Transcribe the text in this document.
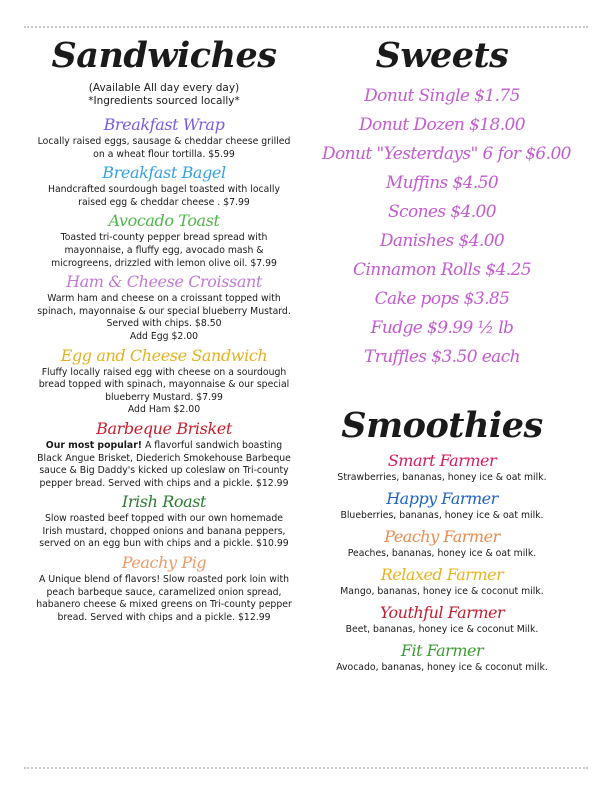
Sandwiches

(Available All day every day)

*Ingredients sourced locally*

Breakfast Wrap

Locally raised eggs, sausage & cheddar cheese grilled
on a wheat flour tortilla. $5.99

Breakfast Bagel

Handcrafted sourdough bagel toasted with locally
raised egg & cheddar cheese . $7.99

Avocado Toast

Toasted tri-county pepper bread spread with
mayonnaise, a fluffy egg, avocado mash &
microgreens, drizzled with lemon olive oil. $7.99

Ham & Cheese Croissant

Warm ham and cheese on a croissant topped with
spinach, mayonnaise & our special blueberry Mustard.
Served with chips. $8.50
Add Egg $2.00

Egg and Cheese Sandwich

Fluffy locally raised egg with cheese on a sourdough
bread topped with spinach, mayonnaise & our special
blueberry Mustard. $7.99
Add Ham $2.00

Barbeque Brisket

Our most popular! A flavorful sandwich boasting
Black Angue Brisket, Diederich Smokehouse Barbeque
sauce & Big Daddy's kicked up coleslaw on Tri-county
pepper bread. Served with chips and a pickle. $12.99

Irish Roast

Slow roasted beef topped with our own homemade
Irish mustard, chopped onions and banana peppers,
served on an egg bun with chips and a pickle. $10.99

Peachy Pig

A Unique blend of flavors! Slow roasted pork loin with
peach barbeque sauce, caramelized onion spread,
habanero cheese & mixed greens on Tri-county pepper
bread. Served with chips and a pickle. $12.99

Sweets

Donut Single $1.75

Donut Dozen $18.00

Donut "Yesterdays" 6 for $6.00

Muffins $4.50

Scones $4.00

Danishes $4.00

Cinnamon Rolls $4.25

Cake pops $3.85

Fudge $9.99 ½ lb

Truffles $3.50 each

Smoothies

Smart Farmer

Strawberries, bananas, honey ice & oat milk.

Happy Farmer

Blueberries, bananas, honey ice & oat milk.

Peachy Farmer

Peaches, bananas, honey ice & oat milk.

Relaxed Farmer

Mango, bananas, honey ice & coconut milk.

Youthful Farmer

Beet, bananas, honey ice & coconut Milk.

Fit Farmer

Avocado, bananas, honey ice & coconut milk.
